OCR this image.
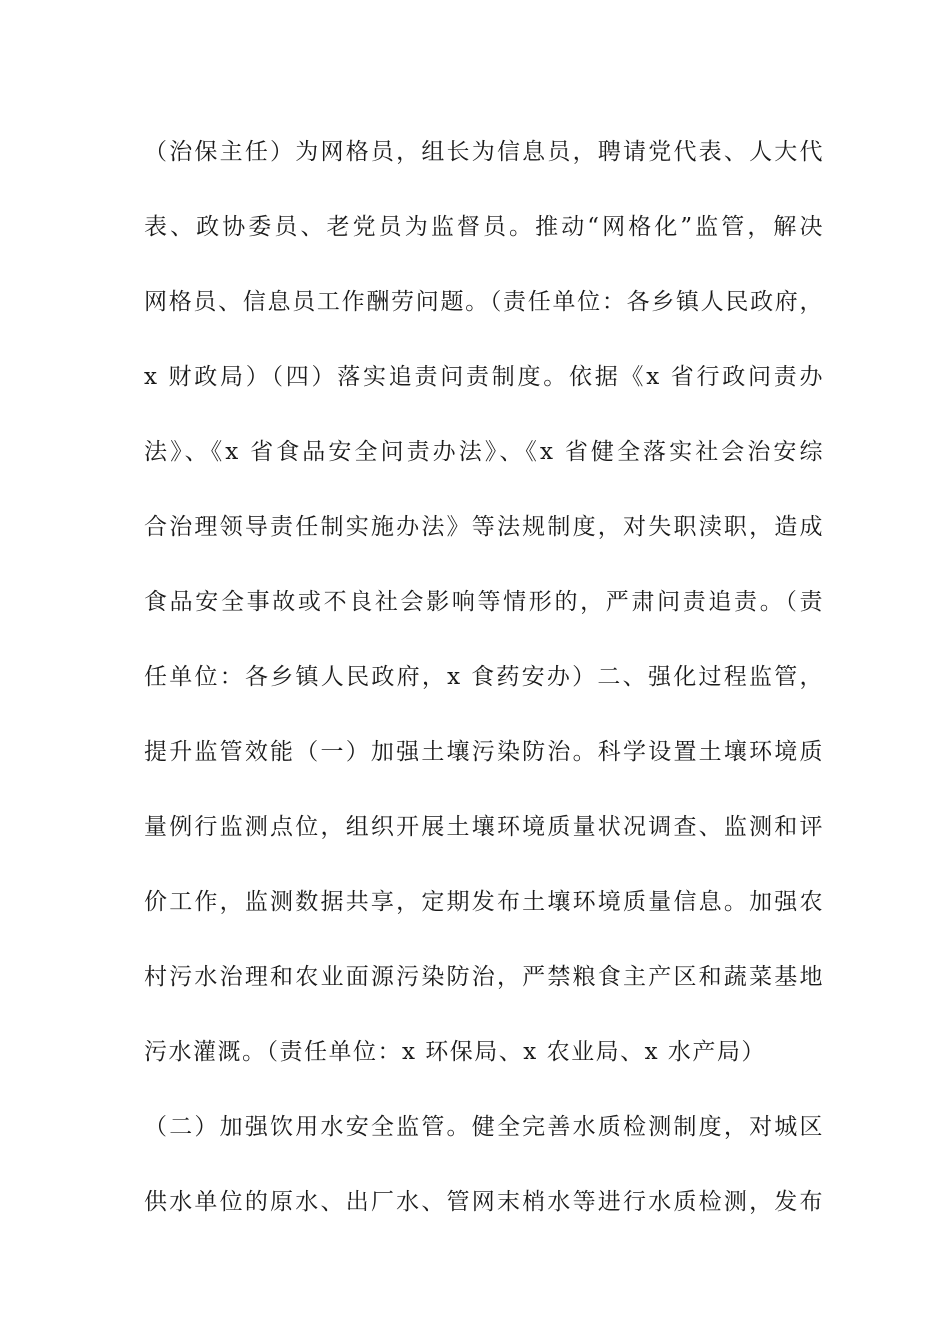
（治保主任）为网格员，组长为信息员，聘请党代表、人大代
表、政协委员、老党员为监督员。推动“网格化”监管，解决
网格员、信息员工作酬劳问题。（责任单位：各乡镇人民政府，
x 财政局）（四）落实追责问责制度。依据《x 省行政问责办
法》、《x 省食品安全问责办法》、《x 省健全落实社会治安综
合治理领导责任制实施办法》等法规制度，对失职渎职，造成
食品安全事故或不良社会影响等情形的，严肃问责追责。（责
任单位：各乡镇人民政府，x 食药安办）二、强化过程监管，
提升监管效能（一）加强土壤污染防治。科学设置土壤环境质
量例行监测点位，组织开展土壤环境质量状况调查、监测和评
价工作，监测数据共享，定期发布土壤环境质量信息。加强农
村污水治理和农业面源污染防治，严禁粮食主产区和蔬菜基地
污水灌溉。（责任单位：x 环保局、x 农业局、x 水产局）
（二）加强饮用水安全监管。健全完善水质检测制度，对城区
供水单位的原水、出厂水、管网末梢水等进行水质检测，发布
